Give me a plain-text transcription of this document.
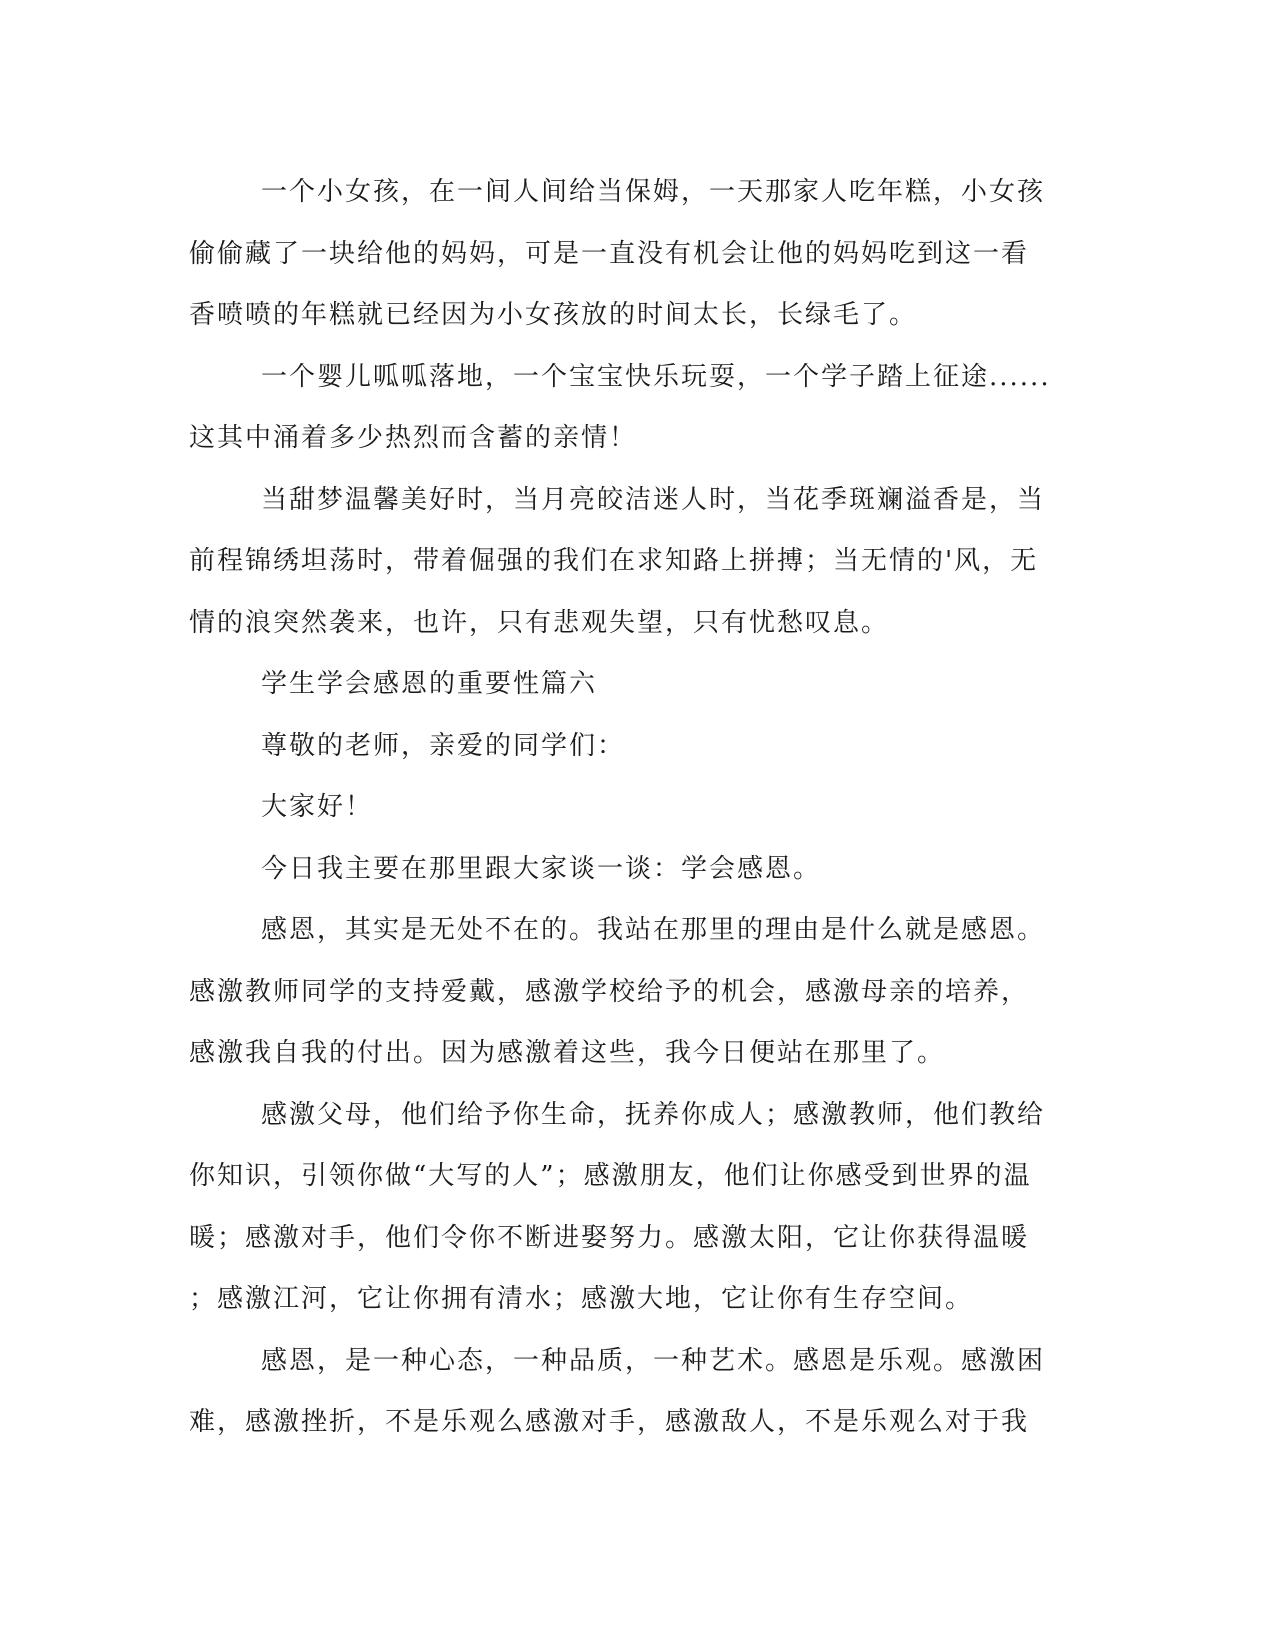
一个小女孩，在一间人间给当保姆，一天那家人吃年糕，小女孩
偷偷藏了一块给他的妈妈，可是一直没有机会让他的妈妈吃到这一看
香喷喷的年糕就已经因为小女孩放的时间太长，长绿毛了。

一个婴儿呱呱落地，一个宝宝快乐玩耍，一个学子踏上征途......
这其中涌着多少热烈而含蓄的亲情！

当甜梦温馨美好时，当月亮皎洁迷人时，当花季斑斓溢香是，当
前程锦绣坦荡时，带着倔强的我们在求知路上拼搏；当无情的'风，无
情的浪突然袭来，也许，只有悲观失望，只有忧愁叹息。

学生学会感恩的重要性篇六

尊敬的老师，亲爱的同学们：

大家好！

今日我主要在那里跟大家谈一谈：学会感恩。

感恩，其实是无处不在的。我站在那里的理由是什么就是感恩。
感激教师同学的支持爱戴，感激学校给予的机会，感激母亲的培养，
感激我自我的付出。因为感激着这些，我今日便站在那里了。

感激父母，他们给予你生命，抚养你成人；感激教师，他们教给
你知识，引领你做“大写的人”；感激朋友，他们让你感受到世界的温
暖；感激对手，他们令你不断进娶努力。感激太阳，它让你获得温暖
；感激江河，它让你拥有清水；感激大地，它让你有生存空间。

感恩，是一种心态，一种品质，一种艺术。感恩是乐观。感激困
难，感激挫折，不是乐观么感激对手，感激敌人，不是乐观么对于我
